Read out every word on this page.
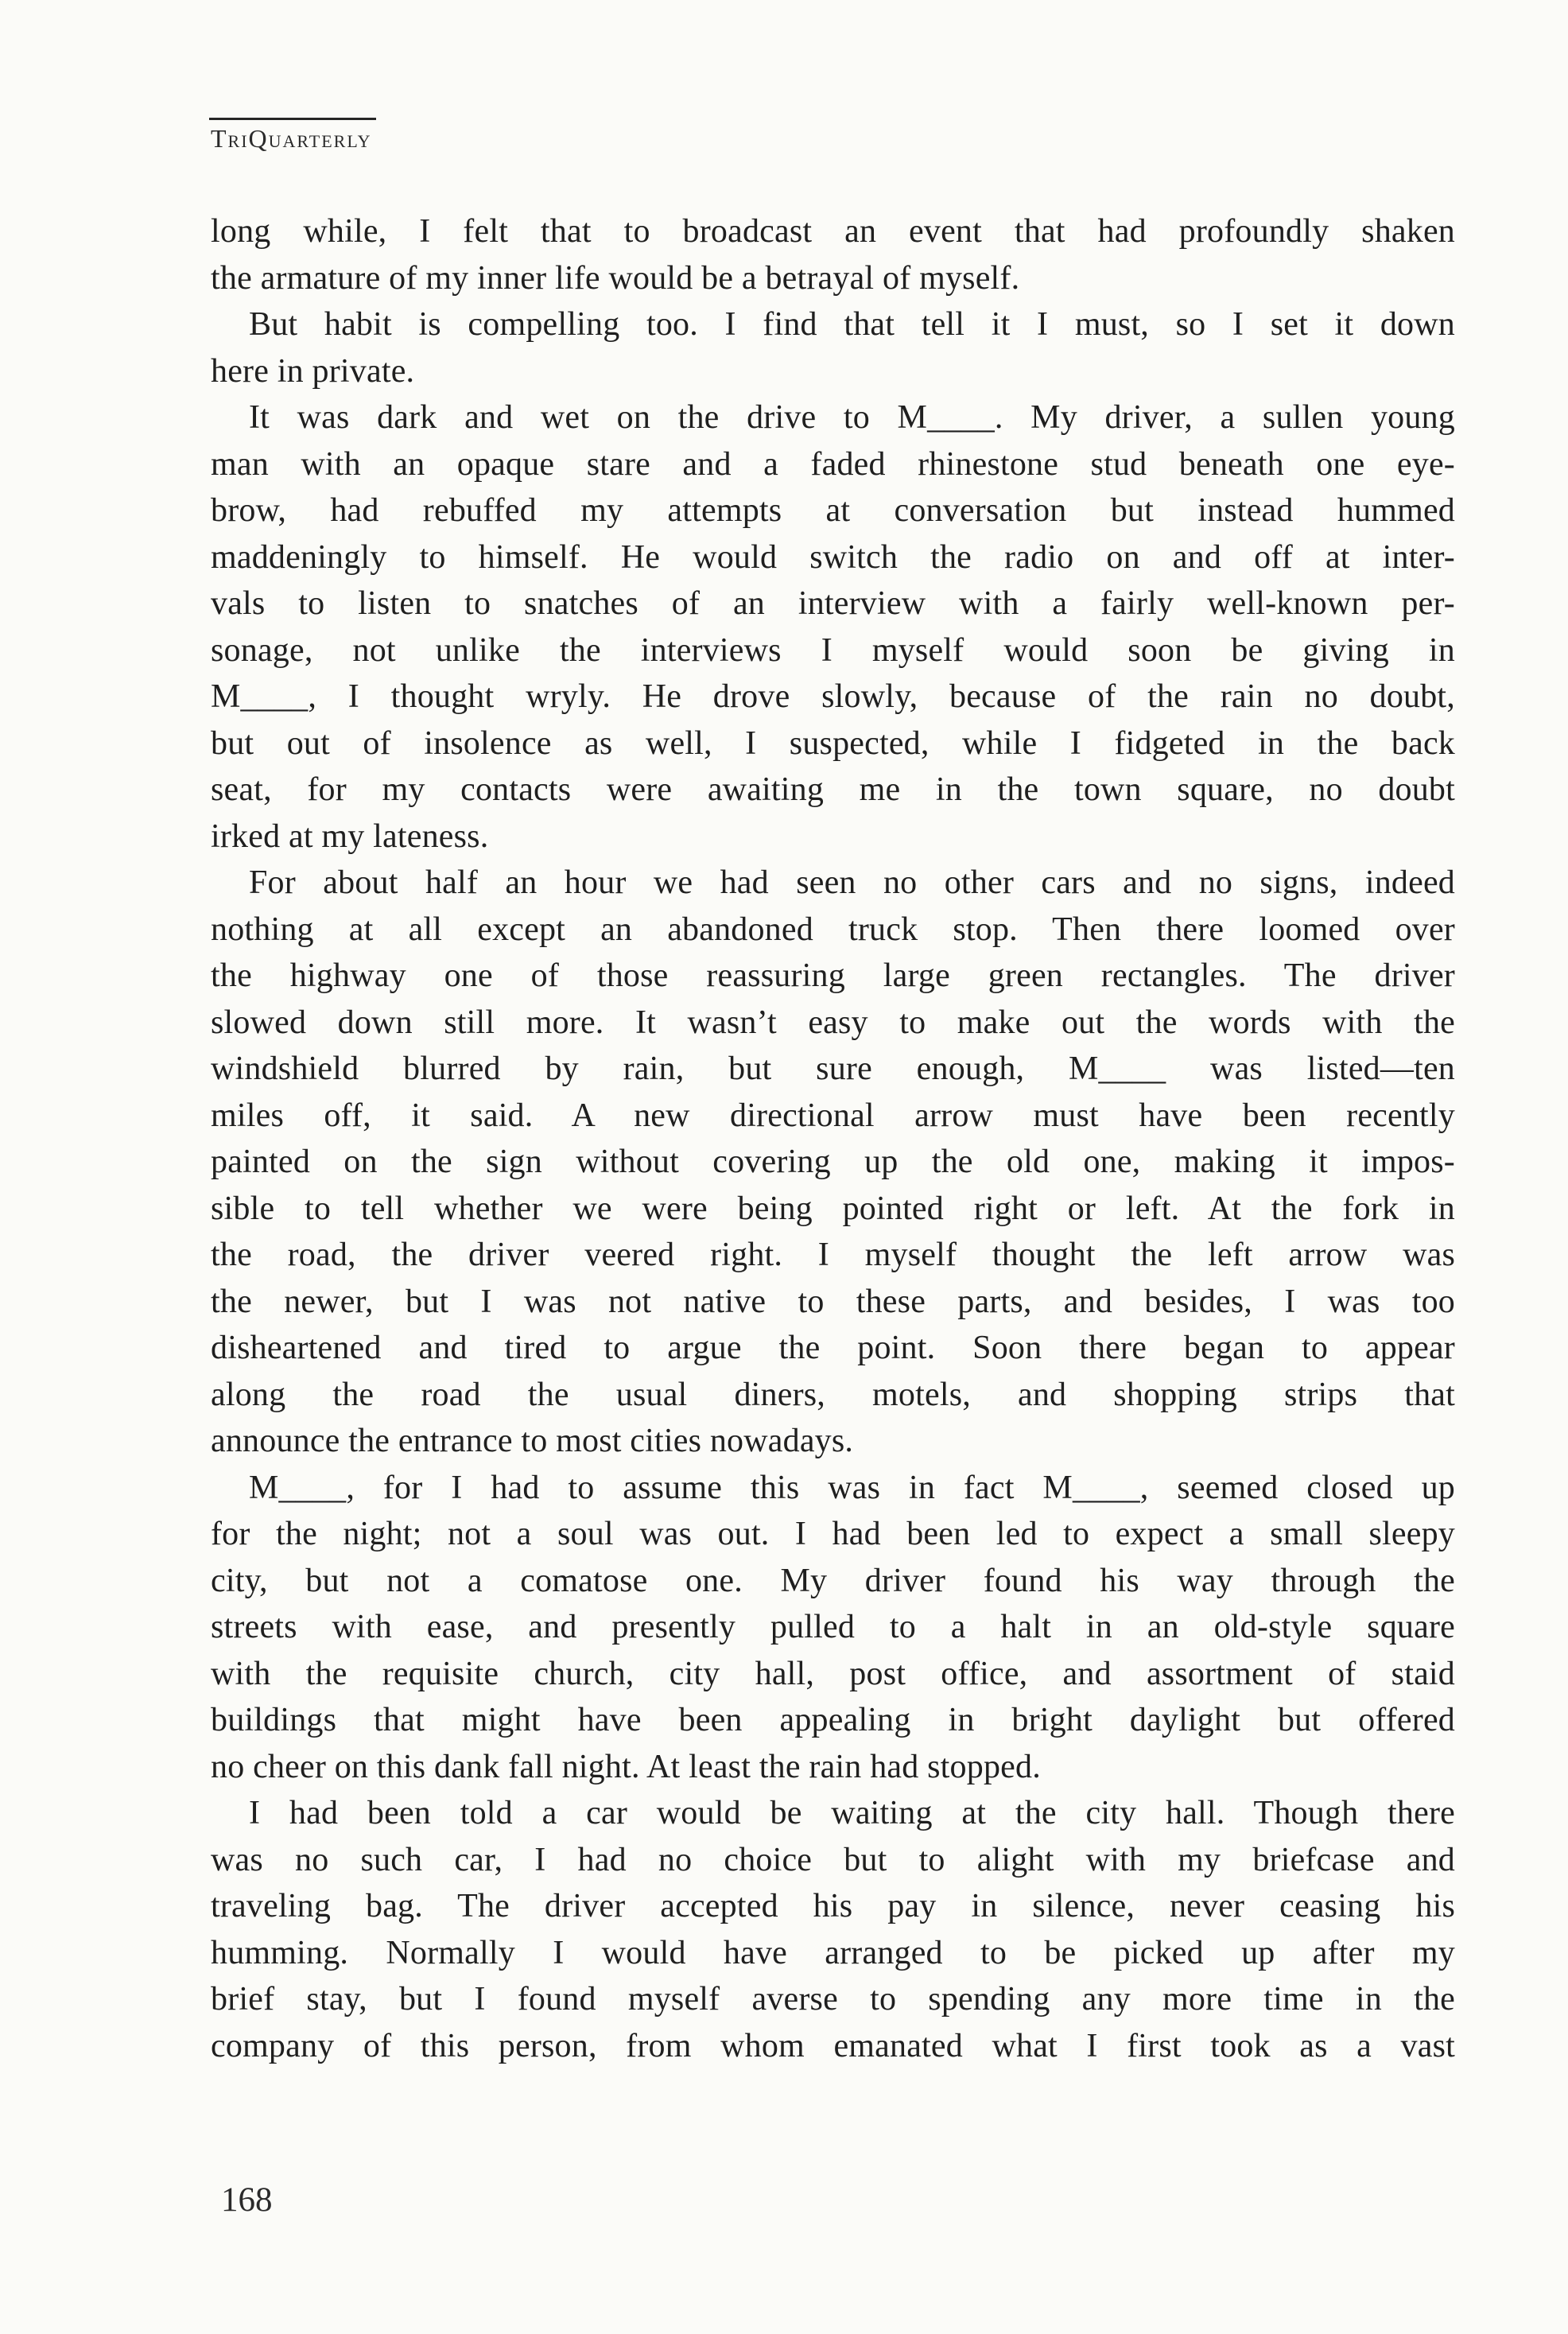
TriQuarterly
long while, I felt that to broadcast an event that had profoundly shaken
the armature of my inner life would be a betrayal of myself.
But habit is compelling too. I find that tell it I must, so I set it down
here in private.
It was dark and wet on the drive to M____. My driver, a sullen young
man with an opaque stare and a faded rhinestone stud beneath one eye-
brow, had rebuffed my attempts at conversation but instead hummed
maddeningly to himself. He would switch the radio on and off at inter-
vals to listen to snatches of an interview with a fairly well-known per-
sonage, not unlike the interviews I myself would soon be giving in
M____, I thought wryly. He drove slowly, because of the rain no doubt,
but out of insolence as well, I suspected, while I fidgeted in the back
seat, for my contacts were awaiting me in the town square, no doubt
irked at my lateness.
For about half an hour we had seen no other cars and no signs, indeed
nothing at all except an abandoned truck stop. Then there loomed over
the highway one of those reassuring large green rectangles. The driver
slowed down still more. It wasn’t easy to make out the words with the
windshield blurred by rain, but sure enough, M____ was listed—ten
miles off, it said. A new directional arrow must have been recently
painted on the sign without covering up the old one, making it impos-
sible to tell whether we were being pointed right or left. At the fork in
the road, the driver veered right. I myself thought the left arrow was
the newer, but I was not native to these parts, and besides, I was too
disheartened and tired to argue the point. Soon there began to appear
along the road the usual diners, motels, and shopping strips that
announce the entrance to most cities nowadays.
M____, for I had to assume this was in fact M____, seemed closed up
for the night; not a soul was out. I had been led to expect a small sleepy
city, but not a comatose one. My driver found his way through the
streets with ease, and presently pulled to a halt in an old-style square
with the requisite church, city hall, post office, and assortment of staid
buildings that might have been appealing in bright daylight but offered
no cheer on this dank fall night. At least the rain had stopped.
I had been told a car would be waiting at the city hall. Though there
was no such car, I had no choice but to alight with my briefcase and
traveling bag. The driver accepted his pay in silence, never ceasing his
humming. Normally I would have arranged to be picked up after my
brief stay, but I found myself averse to spending any more time in the
company of this person, from whom emanated what I first took as a vast
168
